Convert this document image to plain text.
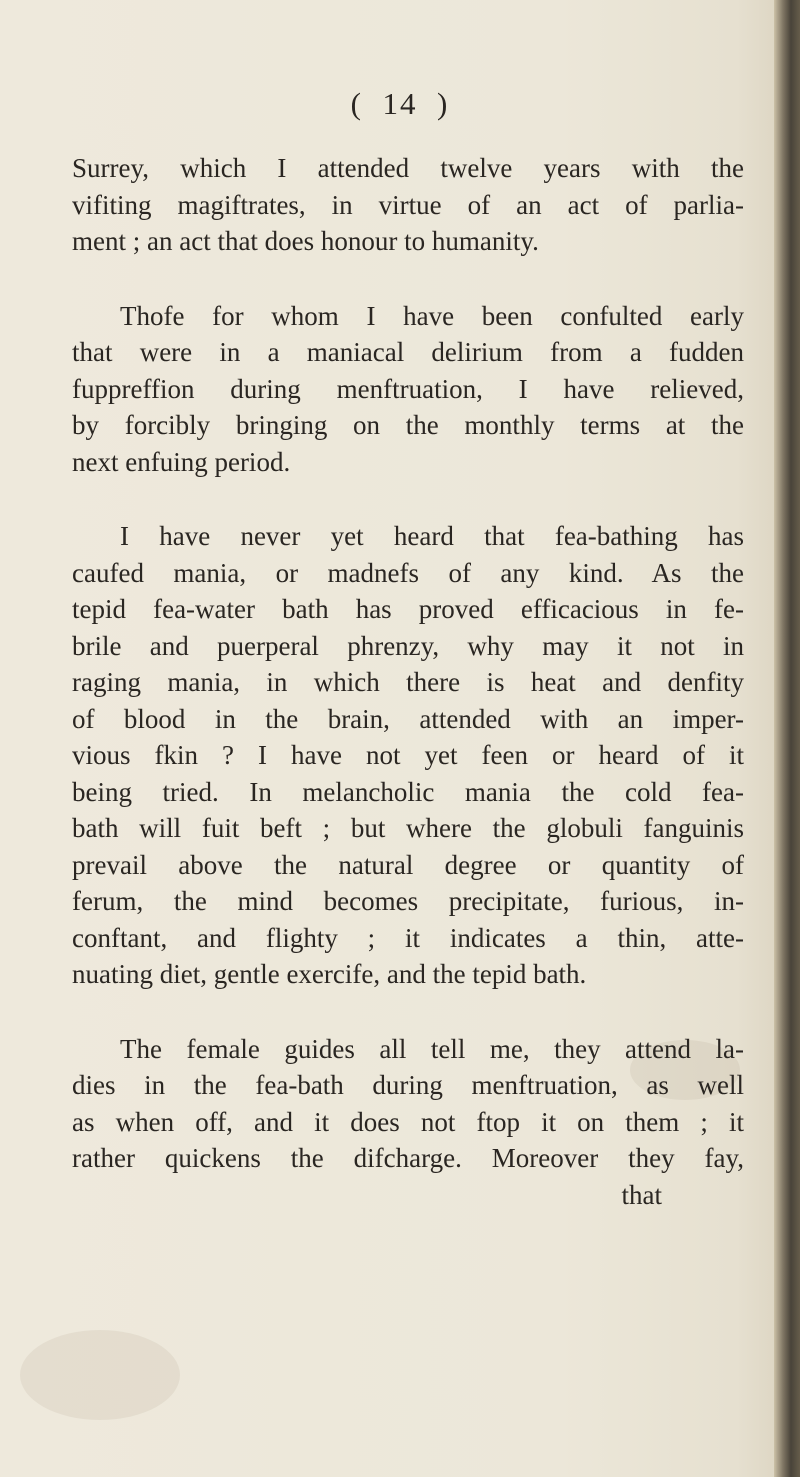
( 14 )
Surrey, which I attended twelve years with the
vifiting magiftrates, in virtue of an act of parlia-
ment ; an act that does honour to humanity.
Thofe for whom I have been confulted early
that were in a maniacal delirium from a fudden
fuppreffion during menftruation, I have relieved,
by forcibly bringing on the monthly terms at the
next enfuing period.
I have never yet heard that fea-bathing has
caufed mania, or madnefs of any kind. As the
tepid fea-water bath has proved efficacious in fe-
brile and puerperal phrenzy, why may it not in
raging mania, in which there is heat and denfity
of blood in the brain, attended with an imper-
vious fkin ? I have not yet feen or heard of it
being tried. In melancholic mania the cold fea-
bath will fuit beft ; but where the globuli fanguinis
prevail above the natural degree or quantity of
ferum, the mind becomes precipitate, furious, in-
conftant, and flighty ; it indicates a thin, atte-
nuating diet, gentle exercife, and the tepid bath.
The female guides all tell me, they attend la-
dies in the fea-bath during menftruation, as well
as when off, and it does not ftop it on them ; it
rather quickens the difcharge. Moreover they fay,
that
